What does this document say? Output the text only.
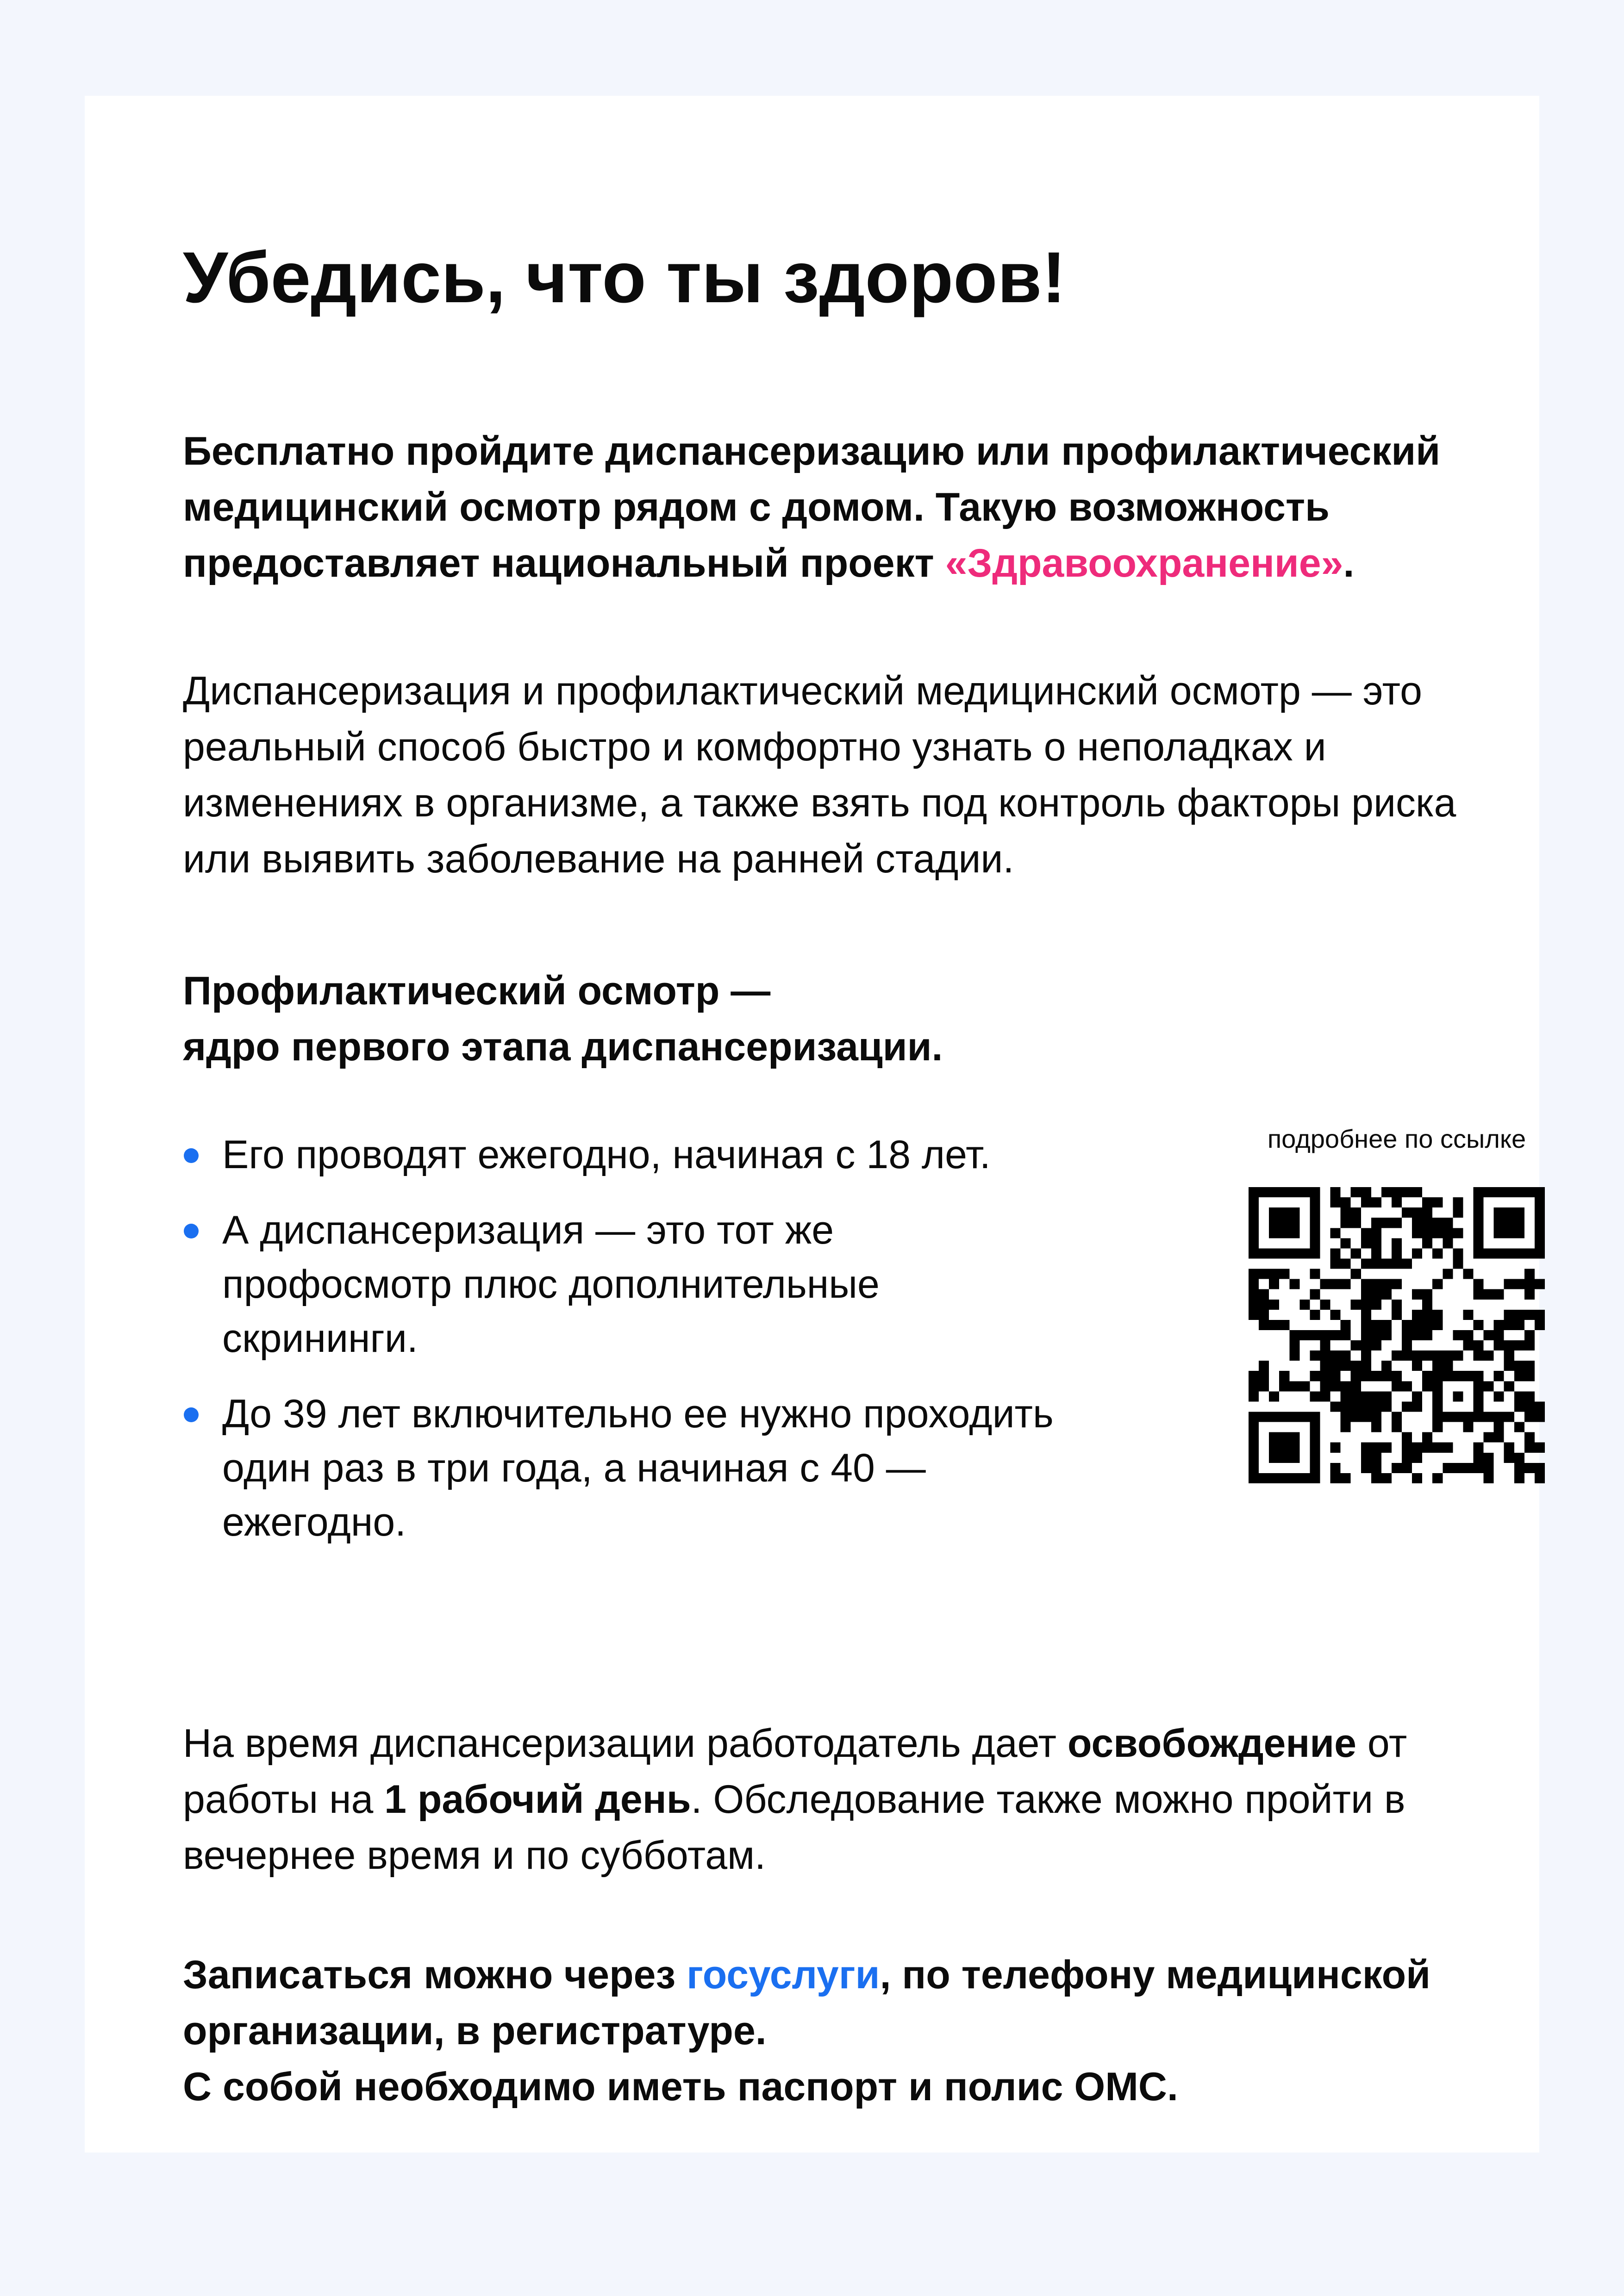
Убедись, что ты здоров!

Бесплатно пройдите диспансеризацию или профилактический медицинский осмотр рядом с домом. Такую возможность предоставляет национальный проект «Здравоохранение».

Диспансеризация и профилактический медицинский осмотр — это реальный способ быстро и комфортно узнать о неполадках и изменениях в организме, а также взять под контроль факторы риска или выявить заболевание на ранней стадии.

Профилактический осмотр —
ядро первого этапа диспансеризации.

Его проводят ежегодно, начиная с 18 лет.
А диспансеризация — это тот же профосмотр плюс дополнительные скрининги.
До 39 лет включительно ее нужно проходить один раз в три года, а начиная с 40 — ежегодно.

подробнее по ссылке

На время диспансеризации работодатель дает освобождение от работы на 1 рабочий день. Обследование также можно пройти в вечернее время и по субботам.

Записаться можно через госуслуги, по телефону медицинской организации, в регистратуре.
С собой необходимо иметь паспорт и полис ОМС.
